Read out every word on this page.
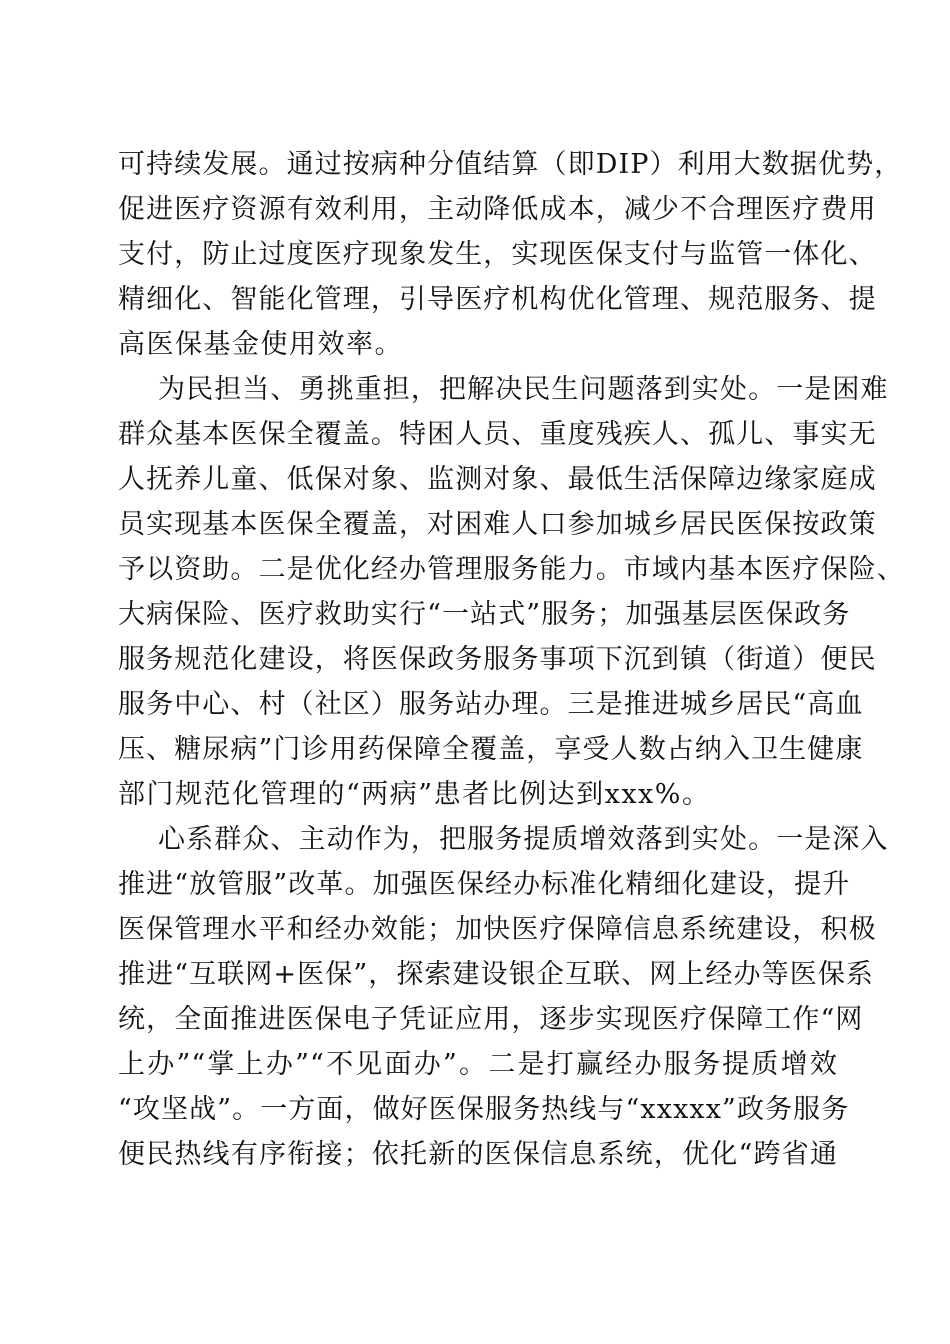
可持续发展。通过按病种分值结算（即DIP）利用大数据优势，
促进医疗资源有效利用，主动降低成本，减少不合理医疗费用
支付，防止过度医疗现象发生，实现医保支付与监管一体化、
精细化、智能化管理，引导医疗机构优化管理、规范服务、提
高医保基金使用效率。
为民担当、勇挑重担，把解决民生问题落到实处。一是困难
群众基本医保全覆盖。特困人员、重度残疾人、孤儿、事实无
人抚养儿童、低保对象、监测对象、最低生活保障边缘家庭成
员实现基本医保全覆盖，对困难人口参加城乡居民医保按政策
予以资助。二是优化经办管理服务能力。市域内基本医疗保险、
大病保险、医疗救助实行“一站式”服务；加强基层医保政务
服务规范化建设，将医保政务服务事项下沉到镇（街道）便民
服务中心、村（社区）服务站办理。三是推进城乡居民“高血
压、糖尿病”门诊用药保障全覆盖，享受人数占纳入卫生健康
部门规范化管理的“两病”患者比例达到xxx%。
心系群众、主动作为，把服务提质增效落到实处。一是深入
推进“放管服”改革。加强医保经办标准化精细化建设，提升
医保管理水平和经办效能；加快医疗保障信息系统建设，积极
推进“互联网+医保”，探索建设银企互联、网上经办等医保系
统，全面推进医保电子凭证应用，逐步实现医疗保障工作“网
上办”“掌上办”“不见面办”。二是打赢经办服务提质增效
“攻坚战”。一方面，做好医保服务热线与“xxxxx”政务服务
便民热线有序衔接；依托新的医保信息系统，优化“跨省通
